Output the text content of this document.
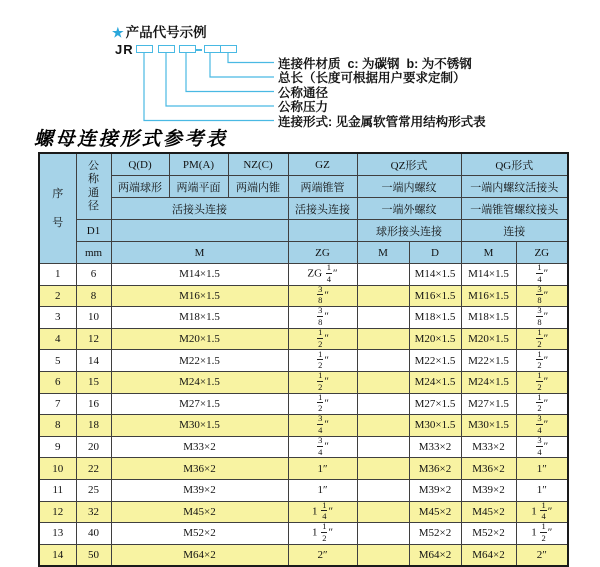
★ 产品代号示例
JR
连接件材质  c: 为碳钢  b: 为不锈钢
总长（长度可根据用户要求定制）
公称通径
公称压力
连接形式: 见金属软管常用结构形式表
螺母连接形式参考表
序号	公称通径	Q(D)	PM(A)	NZ(C)	GZ	QZ形式		QG形式	
		两端球形	两端平面	两端内锥	两端锥管	一端内螺纹		一端内螺纹活接头	
		活接头连接			活接头连接	一端外螺纹		一端锥管螺纹接头	
	D1					球形接头连接		连接	
	mm	M			ZG	M	D	M	ZG
1	6	M14×1.5			ZG $\frac{1}{4}$ ″		M14×1.5	M14×1.5	$\frac{1}{4}$ ″
2	8	M16×1.5			$\frac{3}{8}$ ″		M16×1.5	M16×1.5	$\frac{3}{8}$ ″
3	10	M18×1.5			$\frac{3}{8}$ ″		M18×1.5	M18×1.5	$\frac{3}{8}$ ″
4	12	M20×1.5			$\frac{1}{2}$ ″		M20×1.5	M20×1.5	$\frac{1}{2}$ ″
5	14	M22×1.5			$\frac{1}{2}$ ″		M22×1.5	M22×1.5	$\frac{1}{2}$ ″
6	15	M24×1.5			$\frac{1}{2}$ ″		M24×1.5	M24×1.5	$\frac{1}{2}$ ″
7	16	M27×1.5			$\frac{1}{2}$ ″		M27×1.5	M27×1.5	$\frac{1}{2}$ ″
8	18	M30×1.5			$\frac{3}{4}$ ″		M30×1.5	M30×1.5	$\frac{3}{4}$ ″
9	20	M33×2			$\frac{3}{4}$ ″		M33×2	M33×2	$\frac{3}{4}$ ″
10	22	M36×2			1″		M36×2	M36×2	1″
11	25	M39×2			1″		M39×2	M39×2	1″
12	32	M45×2			$1 \frac{1}{4}$ ″		M45×2	M45×2	$1 \frac{1}{4}$ ″
13	40	M52×2			$1 \frac{1}{2}$ ″		M52×2	M52×2	$1 \frac{1}{2}$ ″
14	50	M64×2			2″		M64×2	M64×2	2″
